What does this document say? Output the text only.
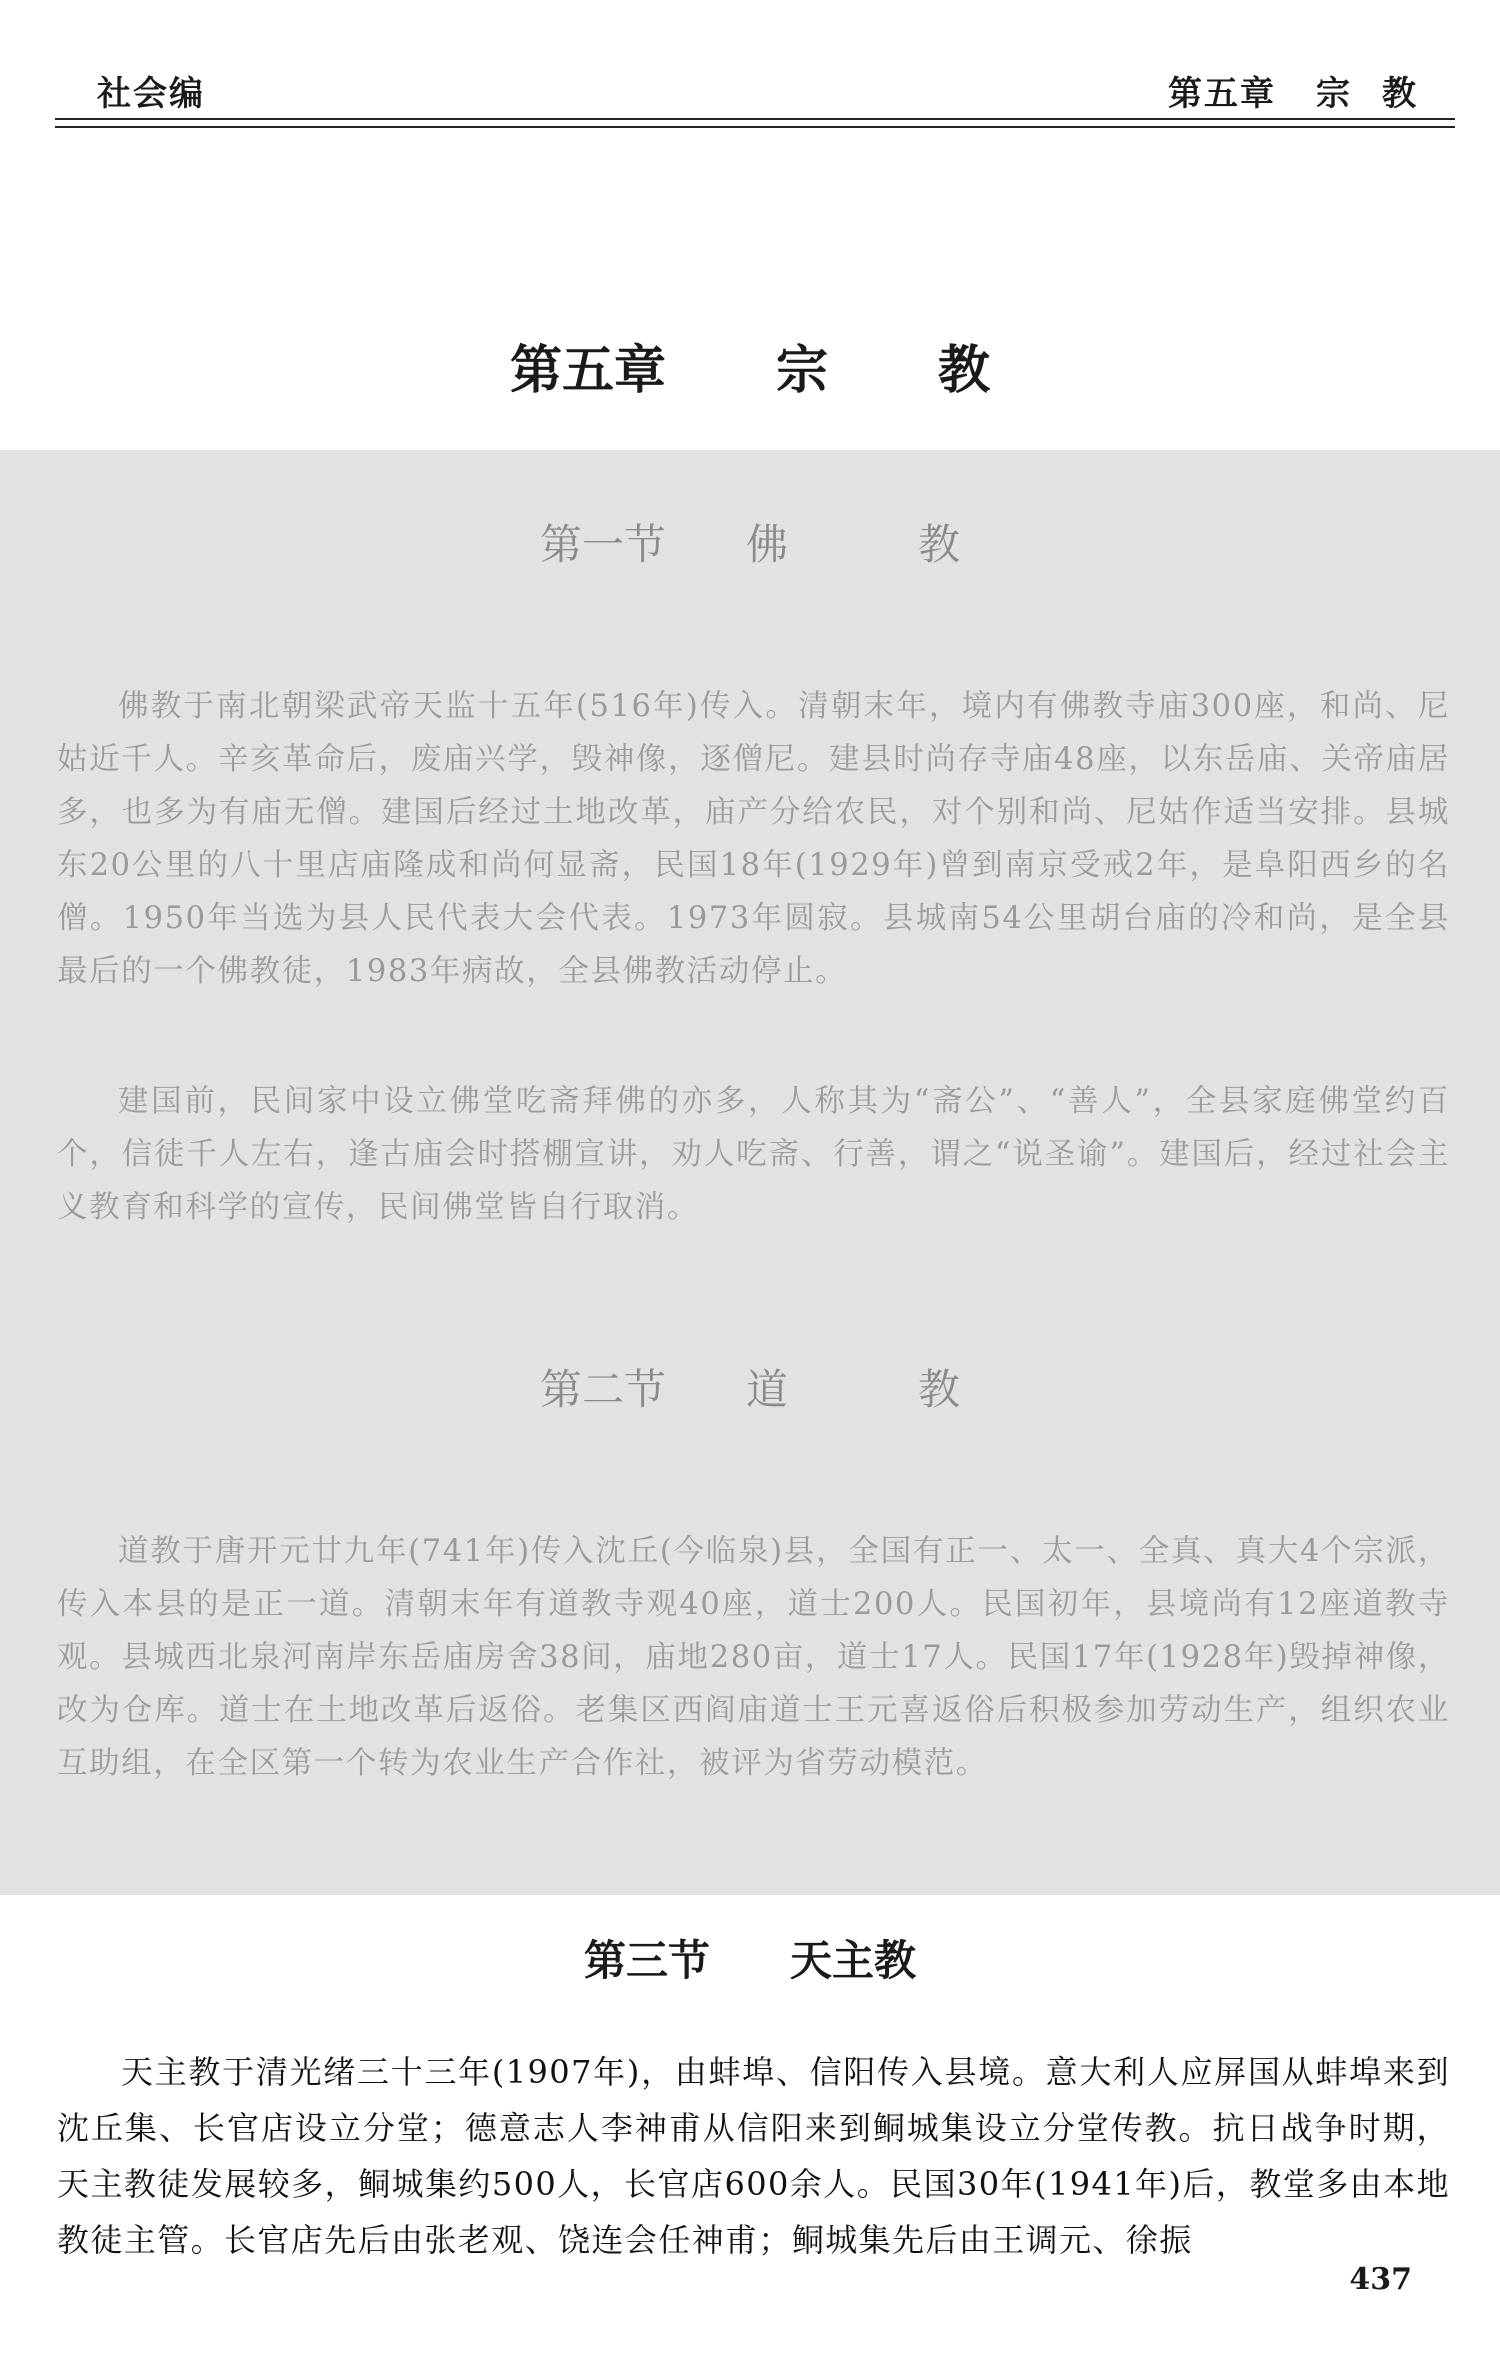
社会编	第五章 宗 教
第五章 宗 教
第一节 佛	教

佛教于南北朝梁武帝天监十五年(516年)传入。清朝末年，境内有佛教寺庙300座，和尚、尼姑近千人。辛亥革命后，废庙兴学，毁神像，逐僧尼。建县时尚存寺庙48座，以东岳庙、关帝庙居多，也多为有庙无僧。建国后经过土地改革，庙产分给农民，对个别和尚、尼姑作适当安排。县城东20公里的八十里店庙隆成和尚何显斋，民国18年(1929年)曾到南京受戒2年，是阜阳西乡的名僧。1950年当选为县人民代表大会代表。1973年圆寂。县城南54公里胡台庙的冷和尚，是全县最后的一个佛教徒，1983年病故，全县佛教活动停止。

建国前，民间家中设立佛堂吃斋拜佛的亦多，人称其为“斋公”、“善人”，全县家庭佛堂约百个，信徒千人左右，逢古庙会时搭棚宣讲，劝人吃斋、行善，谓之“说圣谕”。建国后，经过社会主义教育和科学的宣传，民间佛堂皆自行取消。

第二节 道	教

道教于唐开元廿九年(741年)传入沈丘(今临泉)县，全国有正一、太一、全真、真大4个宗派，传入本县的是正一道。清朝末年有道教寺观40座，道士200人。民国初年，县境尚有12座道教寺观。县城西北泉河南岸东岳庙房舍38间，庙地280亩，道士17人。民国17年(1928年)毁掉神像，改为仓库。道士在土地改革后返俗。老集区西阎庙道士王元喜返俗后积极参加劳动生产，组织农业互助组，在全区第一个转为农业生产合作社，被评为省劳动模范。

第三节 天主教

天主教于清光绪三十三年(1907年)，由蚌埠、信阳传入县境。意大利人应屏国从蚌埠来到沈丘集、长官店设立分堂；德意志人李神甫从信阳来到鲖城集设立分堂传教。抗日战争时期，天主教徒发展较多，鲖城集约500人，长官店600余人。民国30年(1941年)后，教堂多由本地教徒主管。长官店先后由张老观、饶连会任神甫；鲖城集先后由王调元、徐振

437
